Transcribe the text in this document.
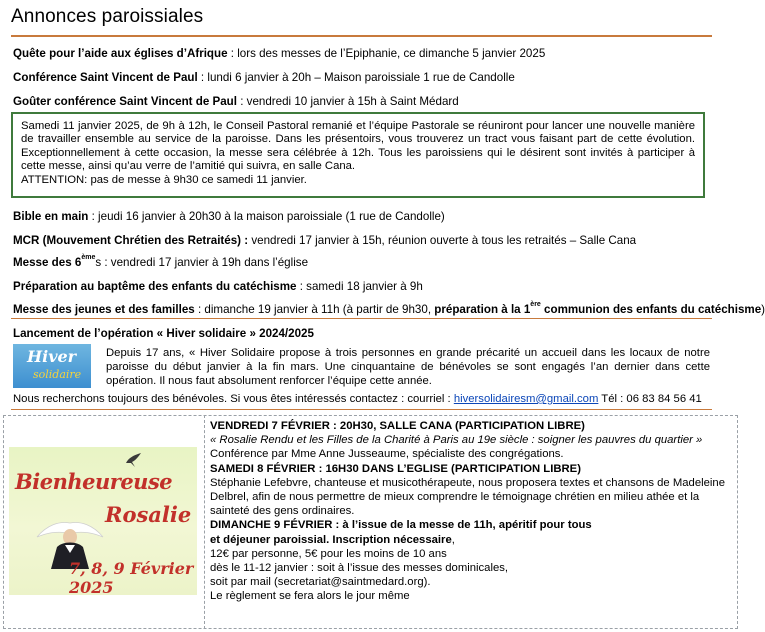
Annonces paroissiales
Quête pour l’aide aux églises d’Afrique : lors des messes de l’Epiphanie, ce dimanche 5 janvier 2025
Conférence Saint Vincent de Paul : lundi 6 janvier à 20h – Maison paroissiale 1 rue de Candolle
Goûter conférence Saint Vincent de Paul : vendredi 10 janvier à 15h à Saint Médard

Samedi 11 janvier 2025, de 9h à 12h, le Conseil Pastoral remanié et l’équipe Pastorale se réuniront pour lancer une nouvelle manière de travailler ensemble au service de la paroisse. Dans les présentoirs, vous trouverez un tract vous faisant part de cette évolution. Exceptionnellement à cette occasion, la messe sera célébrée à 12h. Tous les paroissiens qui le désirent sont invités à participer à cette messe, ainsi qu’au verre de l’amitié qui suivra, en salle Cana.

ATTENTION: pas de messe à 9h30 ce samedi 11 janvier.

Bible en main : jeudi 16 janvier à 20h30 à la maison paroissiale (1 rue de Candolle)
MCR (Mouvement Chrétien des Retraités) : vendredi 17 janvier à 15h, réunion ouverte à tous les retraités – Salle Cana
Messe des 6èmes : vendredi 17 janvier à 19h dans l’église
Préparation au baptême des enfants du catéchisme : samedi 18 janvier à 9h
Messe des jeunes et des familles : dimanche 19 janvier à 11h (à partir de 9h30, préparation à la 1ère communion des enfants du catéchisme)
Lancement de l’opération « Hiver solidaire » 2024/2025
Hiver
solidaire
Depuis 17 ans, « Hiver Solidaire propose à trois personnes en grande précarité un accueil dans les locaux de notre paroisse du début janvier à la fin mars. Une cinquantaine de bénévoles se sont engagés l’an dernier dans cette opération. Il nous faut absolument renforcer l’équipe cette année.
Nous recherchons toujours des bénévoles. Si vous êtes intéressés contactez : courriel : hiversolidairesm@gmail.com Tél : 06 83 84 56 41
Bienheureuse
Rosalie
7, 8, 9 Février 2025
VENDREDI 7 FÉVRIER : 20H30, SALLE CANA (PARTICIPATION LIBRE)
« Rosalie Rendu et les Filles de la Charité à Paris au 19e siècle : soigner les pauvres du quartier »
Conférence par Mme Anne Jusseaume, spécialiste des congrégations.
SAMEDI 8 FÉVRIER : 16H30 DANS L’EGLISE (PARTICIPATION LIBRE)
Stéphanie Lefebvre, chanteuse et musicothérapeute, nous proposera textes et chansons de Madeleine Delbrel, afin de nous permettre de mieux comprendre le témoignage chrétien en milieu athée et la sainteté des gens ordinaires.
DIMANCHE 9 FÉVRIER : à l’issue de la messe de 11h, apéritif pour tous
et déjeuner paroissial. Inscription nécessaire,
12€ par personne, 5€ pour les moins de 10 ans
dès le 11-12 janvier : soit à l’issue des messes dominicales,
soit par mail (secretariat@saintmedard.org).
Le règlement se fera alors le jour même
